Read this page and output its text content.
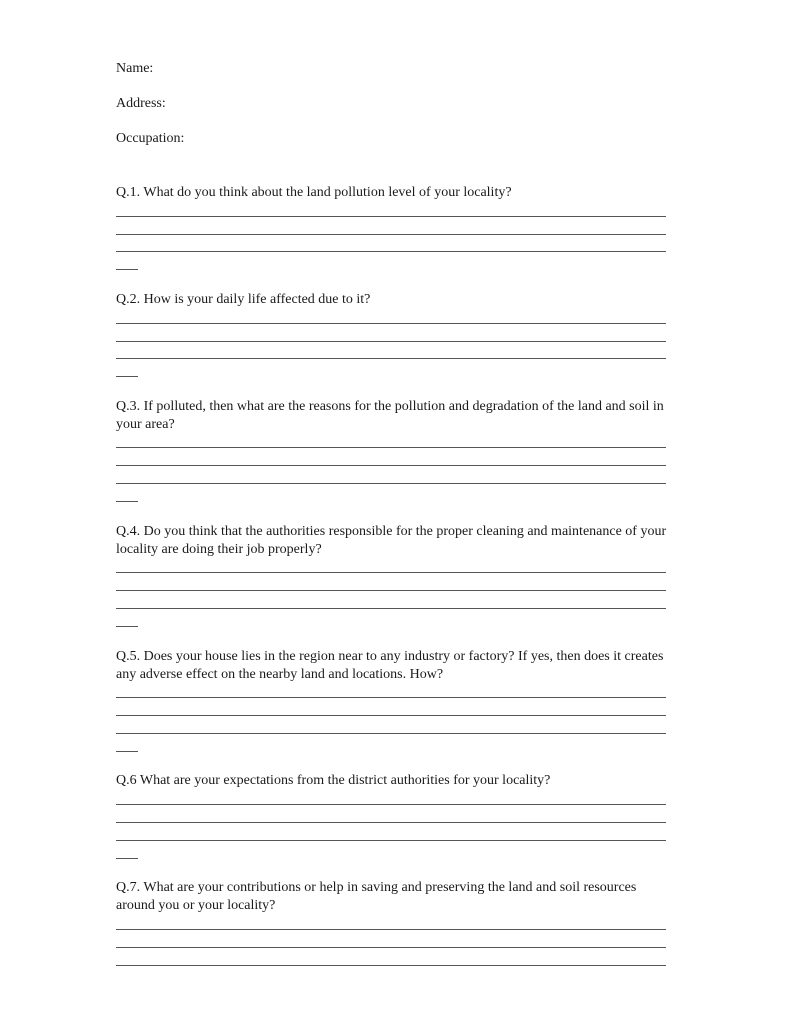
Name:

Address:

Occupation:

Q.1. What do you think about the land pollution level of your locality?

Q.2. How is your daily life affected due to it?

Q.3. If polluted, then what are the reasons for the pollution and degradation of the land and soil in your area?

Q.4. Do you think that the authorities responsible for the proper cleaning and maintenance of your locality are doing their job properly?

Q.5. Does your house lies in the region near to any industry or factory? If yes, then does it creates any adverse effect on the nearby land and locations. How?

Q.6 What are your expectations from the district authorities for your locality?

Q.7. What are your contributions or help in saving and preserving the land and soil resources around you or your locality?
